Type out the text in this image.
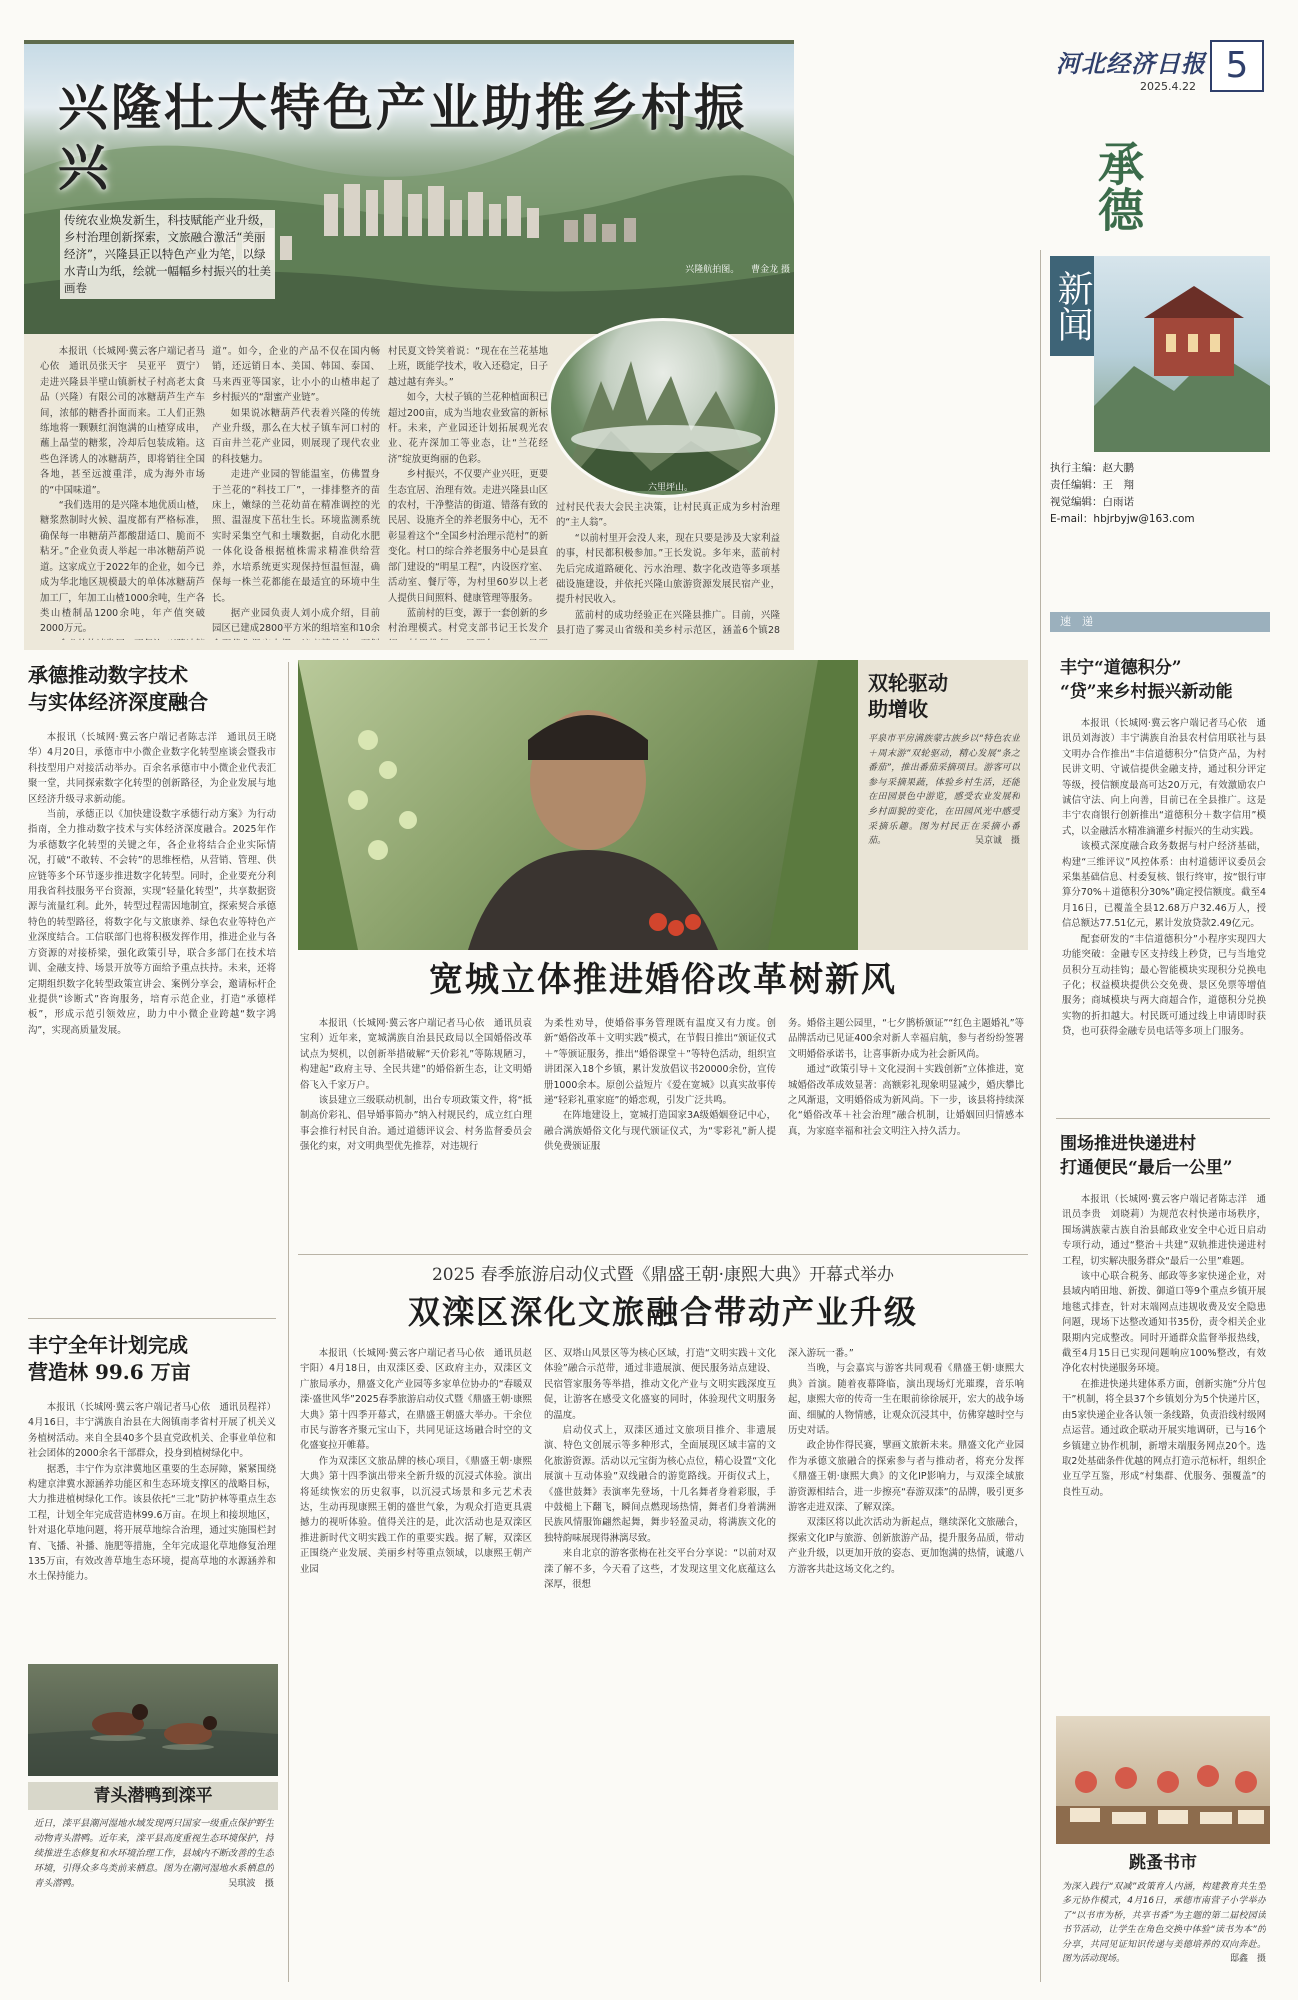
兴隆壮大特色产业助推乡村振兴
传统农业焕发新生，科技赋能产业升级，乡村治理创新探索，文旅融合激活“美丽经济”，兴隆县正以特色产业为笔，以绿水青山为纸，绘就一幅幅乡村振兴的壮美画卷
兴隆航拍图。 　曹金龙 摄
六里坪山。

本报讯（长城网·冀云客户端记者马心依　通讯员张天宇　吴亚平　贾宁）走进兴隆县半壁山镇新杖子村高老太食品（兴隆）有限公司的冰糖葫芦生产车间，浓郁的糖香扑面而来。工人们正熟练地将一颗颗红润饱满的山楂穿成串，蘸上晶莹的糖浆，冷却后包装成箱。这些色泽诱人的冰糖葫芦，即将销往全国各地，甚至远渡重洋，成为海外市场的“中国味道”。

“我们选用的是兴隆本地优质山楂，糖浆熬制时火候、温度都有严格标准，确保每一串糖葫芦都酸甜适口、脆而不粘牙。”企业负责人举起一串冰糖葫芦说道。这家成立于2022年的企业，如今已成为华北地区规模最大的单体冰糖葫芦加工厂，年加工山楂1000余吨，生产各类山楂制品1200余吨，年产值突破2000万元。

道”。如今，企业的产品不仅在国内畅销，还远销日本、美国、韩国、泰国、马来西亚等国家，让小小的山楂串起了乡村振兴的“甜蜜产业链”。

如果说冰糖葫芦代表着兴隆的传统产业升级，那么在大杖子镇车河口村的百亩井兰花产业园，则展现了现代农业的科技魅力。

走进产业园的智能温室，仿佛置身于兰花的“科技工厂”，一排排整齐的苗床上，嫩绿的兰花幼苗在精准调控的光照、温湿度下茁壮生长。环境监测系统实时采集空气和土壤数据，自动化水肥一体化设备根据植株需求精准供给营养，水培系统更实现保持恒温恒湿，确保每一株兰花都能在最适宜的环境中生长。

据产业园负责人刘小成介绍，目前园区已建成2800平方米的组培室和10余

村民夏文铃笑着说：“现在在兰花基地上班，既能学技术，收入还稳定，日子越过越有奔头。”

如今，大杖子镇的兰花种植面积已超过200亩，成为当地农业致富的新标杆。未来，产业园还计划拓展观光农业、花卉深加工等业态，让“兰花经济”绽放更绚丽的色彩。

乡村振兴，不仅要产业兴旺，更要生态宜居、治理有效。走进兴隆县山区的农村，干净整洁的街道、错落有致的民居、设施齐全的养老服务中心，无不彰显着这个“全国乡村治理示范村”的新变化。村口的综合养老服务中心是县直部门建设的“明星工程”，内设医疗室、活动室、餐厅等，为村里60岁以上老人提供日间照料、健康管理等服务。

蓝前村的巨变，源于一套创新的乡村治理模式。村党支部书记王长发介

过村民代表大会民主决策，让村民真正成为乡村治理的“主人翁”。

“以前村里开会没人来，现在只要是涉及大家利益的事，村民都积极参加。”王长发说。多年来，蓝前村先后完成道路硬化、污水治理、数字化改造等多项基础设施建设，并依托兴隆山旅游资源发展民宿产业，提升村民收入。

蓝前村的成功经验正在兴隆县推广。目前，兴隆县打造了雾灵山省级和美乡村示范区，涵盖6个镇28

河北经济日报
2025.4.22
5
承德
新闻
执行主编：赵大鹏
责任编辑：王　翔
视觉编辑：白雨诺
E-mail：hbjrbyjw@163.com
速　递
丰宁“道德积分”
“贷”来乡村振兴新动能

本报讯（长城网·冀云客户端记者马心依　通讯员刘海波）丰宁满族自治县农村信用联社与县文明办合作推出“丰信道德积分”信贷产品，为村民讲文明、守诚信提供金融支持，通过积分评定等级，授信额度最高可达20万元，有效激励农户诚信守法、向上向善，目前已在全县推广。这是丰宁农商银行创新推出“道德积分＋数字信用”模式，以金融活水精准滴灌乡村振兴的生动实践。

该模式深度融合政务数据与村户经济基础，构建“三维评议”风控体系：由村道德评议委员会采集基础信息、村委复核、银行终审，按“银行审算分70%＋道德积分30%”确定授信额度。截至4月16日，已覆盖全县12.68万户32.46万人，授信总额达77.51亿元，累计发放贷款2.49亿元。

配套研发的“丰信道德积分”小程序实现四大功能突破：金融专区支持线上秒贷，已与当地党员积分互动挂钩；最心智能模块实现积分兑换电子化；权益模块提供公交免费、景区免票等增值服务；商城模块与两大商超合作，道德积分兑换实物的折扣越大。村民既可通过线上申请即时获贷，也可获得金融专员电话等多项上门服务。

围场推进快递进村
打通便民“最后一公里”

本报讯（长城网·冀云客户端记者陈志洋　通讯员李贵　刘晓莉）为规范农村快递市场秩序，围场满族蒙古族自治县邮政业安全中心近日启动专项行动，通过“整治＋共建”双轨推进快递进村工程，切实解决服务群众“最后一公里”难题。

该中心联合税务、邮政等多家快递企业，对县域内哨田地、新拨、御道口等9个重点乡镇开展地毯式排查，针对末端网点违规收费及安全隐患问题，现场下达整改通知书35份，责令相关企业限期内完成整改。同时开通群众监督举报热线，截至4月15日已实现问题响应100%整改，有效净化农村快递服务环境。

在推进快递共建体系方面，创新实施“分片包干”机制，将全县37个乡镇划分为5个快递片区，由5家快递企业各认领一条线路，负责沿线村级网点运营。通过政企联动开展实地调研，已与16个乡镇建立协作机制，新增末端服务网点20个。选取2处基础条件优越的网点打造示范标杆，组织企业互学互鉴，形成“村集群、优服务、强覆盖”的良性互动。

跳蚤书市
为深入践行“双减”政策育人内涵，构建教育共生型多元协作模式，4月16日，承德市南营子小学举办了“以书市为桥，共享书香”为主题的第二届校园读书节活动，让学生在角色交换中体验“读书为本”的分享，共同见证知识传递与美德培养的双向奔赴。图为活动现场。	邸鑫　摄
承德推动数字技术
与实体经济深度融合

本报讯（长城网·冀云客户端记者陈志洋　通讯员王晓华）4月20日，承德市中小微企业数字化转型座谈会暨我市科技型用户对接活动举办。百余名承德市中小微企业代表汇聚一堂，共同探索数字化转型的创新路径，为企业发展与地区经济升级寻求新动能。

当前，承德正以《加快建设数字承德行动方案》为行动指南，全力推动数字技术与实体经济深度融合。2025年作为承德数字化转型的关键之年，各企业将结合企业实际情况，打破“不敢转、不会转”的思维桎梏，从营销、管理、供应链等多个环节逐步推进数字化转型。同时，企业要充分利用我省科技服务平台资源，实现“轻量化转型”，共享数据资源与流量红利。此外，转型过程需因地制宜，探索契合承德特色的转型路径，将数字化与文旅康养、绿色农业等特色产业深度结合。工信联部门也将积极发挥作用，推进企业与各方资源的对接桥梁，强化政策引导，联合多部门在技术培训、金融支持、场景开放等方面给予重点扶持。未来，还将定期组织数字化转型政策宣讲会、案例分享会，邀请标杆企业提供“诊断式”咨询服务，培育示范企业，打造“承德样板”，形成示范引领效应，助力中小微企业跨越“数字鸿沟”，实现高质量发展。

丰宁全年计划完成
营造林 99.6 万亩

本报讯（长城网·冀云客户端记者马心依　通讯员程祥）4月16日，丰宁满族自治县在大阁镇南孝省村开展了机关义务植树活动。来自全县40多个县直党政机关、企事业单位和社会团体的2000余名干部群众，投身到植树绿化中。

据悉，丰宁作为京津冀地区重要的生态屏障，紧紧围绕构建京津冀水源涵养功能区和生态环境支撑区的战略目标，大力推进植树绿化工作。该县依托“三北”防护林等重点生态工程，计划全年完成营造林99.6万亩。在坝上和接坝地区，针对退化草地问题，将开展草地综合治理，通过实施围栏封育、飞播、补播、施肥等措施，全年完成退化草地修复治理135万亩，有效改善草地生态环境，提高草地的水源涵养和水土保持能力。

青头潜鸭到滦平
近日，滦平县潮河湿地水域发现两只国家一级重点保护野生动物青头潜鸭。近年来，滦平县高度重视生态环境保护，持续推进生态修复和水环境治理工作，县域内不断改善的生态环境，引得众多鸟类前来栖息。图为在潮河湿地水系栖息的青头潜鸭。	吴琪波　摄
双轮驱动
助增收
平泉市平房满族蒙古族乡以“特色农业＋周末游”双轮驱动，精心发展“条之番茄”，推出番茄采摘项目。游客可以参与采摘果蔬，体验乡村生活，还能在田园景色中游览，感受农业发展和乡村面貌的变化，在田园风光中感受采摘乐趣。图为村民正在采摘小番茄。	吴京诚　摄
宽城立体推进婚俗改革树新风

本报讯（长城网·冀云客户端记者马心依　通讯员袁宝利）近年来，宽城满族自治县民政局以全国婚俗改革试点为契机，以创新举措破解“天价彩礼”等陈规陋习，构建起“政府主导、全民共建”的婚俗新生态，让文明婚俗飞入千家万户。

该县建立三级联动机制，出台专项政策文件，将“抵制高价彩礼、倡导婚事简办”纳入村规民约，成立红白理事会推行村民自治。通过道德评议会、村务监督委员会强化约束，对文明典型优先推荐，对违规行

为柔性劝导，使婚俗事务管理既有温度又有力度。创新“婚俗改革＋文明实践”模式，在节假日推出“颁证仪式＋”等颁证服务，推出“婚俗课堂＋”等特色活动，组织宣讲团深入18个乡镇，累计发放倡议书20000余份，宣传册1000余本。原创公益短片《爱在宽城》以真实故事传递“轻彩礼重家庭”的婚恋观，引发广泛共鸣。

在阵地建设上，宽城打造国家3A级婚姻登记中心，融合满族婚俗文化与现代颁证仪式，为“零彩礼”新人提供免费颁证服

务。婚俗主题公园里，“七夕鹊桥颁证”“红色主题婚礼”等品牌活动已见证400余对新人幸福启航，参与者纷纷签署文明婚俗承诺书，让喜事新办成为社会新风尚。

通过“政策引导＋文化浸润＋实践创新”立体推进，宽城婚俗改革成效显著：高额彩礼现象明显减少，婚庆攀比之风渐退，文明婚俗成为新风尚。下一步，该县将持续深化“婚俗改革＋社会治理”融合机制，让婚姻回归情感本真，为家庭幸福和社会文明注入持久活力。

2025 春季旅游启动仪式暨《鼎盛王朝·康熙大典》开幕式举办
双滦区深化文旅融合带动产业升级

本报讯（长城网·冀云客户端记者马心依　通讯员赵宇阳）4月18日，由双滦区委、区政府主办，双滦区文广旅局承办，鼎盛文化产业园等多家单位协办的“春暖双滦·盛世风华”2025春季旅游启动仪式暨《鼎盛王朝·康熙大典》第十四季开幕式，在鼎盛王朝盛大举办。干余位市民与游客齐聚元宝山下，共同见证这场融合时空的文化盛宴拉开帷幕。

作为双滦区文旅品牌的核心项目，《鼎盛王朝·康熙大典》第十四季演出带来全新升级的沉浸式体验。演出将延续恢宏的历史叙事，以沉浸式场景和多元艺术表达，生动再现康熙王朝的盛世气象，为观众打造更具震撼力的视听体验。值得关注的是，此次活动也是双滦区推进新时代文明实践工作的重要实践。据了解，双滦区正围绕产业发展、美丽乡村等重点领域，以康熙王朝产业园

区、双塔山风景区等为核心区域，打造“文明实践＋文化体验”融合示范带，通过非遗展演、便民服务站点建设、民宿管家服务等举措，推动文化产业与文明实践深度互促，让游客在感受文化盛宴的同时，体验现代文明服务的温度。

启动仪式上，双滦区通过文旅项目推介、非遗展演、特色文创展示等多种形式，全面展现区域丰富的文化旅游资源。活动以元宝街为核心点位，精心设置“文化展演＋互动体验”双线融合的游览路线。开街仪式上，《盛世鼓舞》表演率先登场，十几名舞者身着彩服，手中鼓槌上下翻飞，瞬间点燃现场热情，舞者们身着满洲民族风情服饰翩然起舞，舞步轻盈灵动，将满族文化的独特韵味展现得淋漓尽致。

来自北京的游客张梅在社交平台分享说：“以前对双滦了解不多，今天看了这些，才发现这里文化底蕴这么深厚，很想

深入游玩一番。”

当晚，与会嘉宾与游客共同观看《鼎盛王朝·康熙大典》首演。随着夜幕降临，演出现场灯光璀璨，音乐响起，康熙大帝的传奇一生在眼前徐徐展开，宏大的战争场面、细腻的人物情感，让观众沉浸其中，仿佛穿越时空与历史对话。

政企协作得民赛，擘画文旅新未来。鼎盛文化产业园作为承德文旅融合的探索参与者与推动者，将充分发挥《鼎盛王朝·康熙大典》的文化IP影响力，与双滦全域旅游资源相结合，进一步擦亮“春游双滦”的品牌，吸引更多游客走进双滦、了解双滦。

双滦区将以此次活动为新起点，继续深化文旅融合，探索文化IP与旅游、创新旅游产品，提升服务品质，带动产业升级，以更加开放的姿态、更加饱满的热情，诚邀八方游客共赴这场文化之约。
